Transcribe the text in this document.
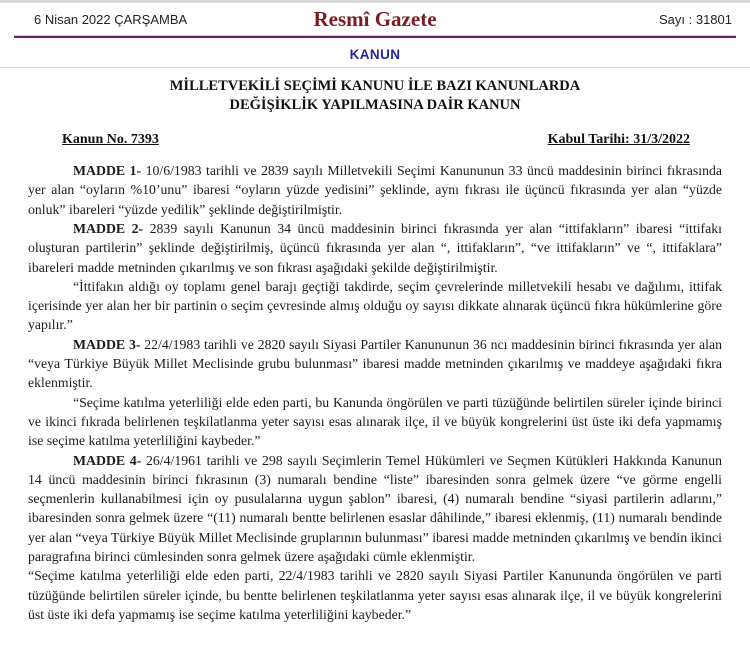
6 Nisan 2022 ÇARŞAMBA	Resmî Gazete	Sayı : 31801
KANUN
MİLLETVEKİLİ SEÇİMİ KANUNU İLE BAZI KANUNLARDA
DEĞİŞİKLİK YAPILMASINA DAİR KANUN
Kanun No. 7393	Kabul Tarihi: 31/3/2022

MADDE 1- 10/6/1983 tarihli ve 2839 sayılı Milletvekili Seçimi Kanununun 33 üncü maddesinin birinci fıkrasında yer alan “oyların %10’unu” ibaresi “oyların yüzde yedisini” şeklinde, aynı fıkrası ile üçüncü fıkrasında yer alan “yüzde onluk” ibareleri “yüzde yedilik” şeklinde değiştirilmiştir.

MADDE 2- 2839 sayılı Kanunun 34 üncü maddesinin birinci fıkrasında yer alan “ittifakların” ibaresi “ittifakı oluşturan partilerin” şeklinde değiştirilmiş, üçüncü fıkrasında yer alan “, ittifakların”, “ve ittifakların” ve “, ittifaklara” ibareleri madde metninden çıkarılmış ve son fıkrası aşağıdaki şekilde değiştirilmiştir.

“İttifakın aldığı oy toplamı genel barajı geçtiği takdirde, seçim çevrelerinde milletvekili hesabı ve dağılımı, ittifak içerisinde yer alan her bir partinin o seçim çevresinde almış olduğu oy sayısı dikkate alınarak üçüncü fıkra hükümlerine göre yapılır.”

MADDE 3- 22/4/1983 tarihli ve 2820 sayılı Siyasi Partiler Kanununun 36 ncı maddesinin birinci fıkrasında yer alan “veya Türkiye Büyük Millet Meclisinde grubu bulunması” ibaresi madde metninden çıkarılmış ve maddeye aşağıdaki fıkra eklenmiştir.

“Seçime katılma yeterliliği elde eden parti, bu Kanunda öngörülen ve parti tüzüğünde belirtilen süreler içinde birinci ve ikinci fıkrada belirlenen teşkilatlanma yeter sayısı esas alınarak ilçe, il ve büyük kongrelerini üst üste iki defa yapmamış ise seçime katılma yeterliliğini kaybeder.”

MADDE 4- 26/4/1961 tarihli ve 298 sayılı Seçimlerin Temel Hükümleri ve Seçmen Kütükleri Hakkında Kanunun 14 üncü maddesinin birinci fıkrasının (3) numaralı bendine “liste” ibaresinden sonra gelmek üzere “ve görme engelli seçmenlerin kullanabilmesi için oy pusulalarına uygun şablon” ibaresi, (4) numaralı bendine “siyasi partilerin adlarını,” ibaresinden sonra gelmek üzere “(11) numaralı bentte belirlenen esaslar dâhilinde,” ibaresi eklenmiş, (11) numaralı bendinde yer alan “veya Türkiye Büyük Millet Meclisinde gruplarının bulunması” ibaresi madde metninden çıkarılmış ve bendin ikinci paragrafına birinci cümlesinden sonra gelmek üzere aşağıdaki cümle eklenmiştir.

“Seçime katılma yeterliliği elde eden parti, 22/4/1983 tarihli ve 2820 sayılı Siyasi Partiler Kanununda öngörülen ve parti tüzüğünde belirtilen süreler içinde, bu bentte belirlenen teşkilatlanma yeter sayısı esas alınarak ilçe, il ve büyük kongrelerini üst üste iki defa yapmamış ise seçime katılma yeterliliğini kaybeder.”
